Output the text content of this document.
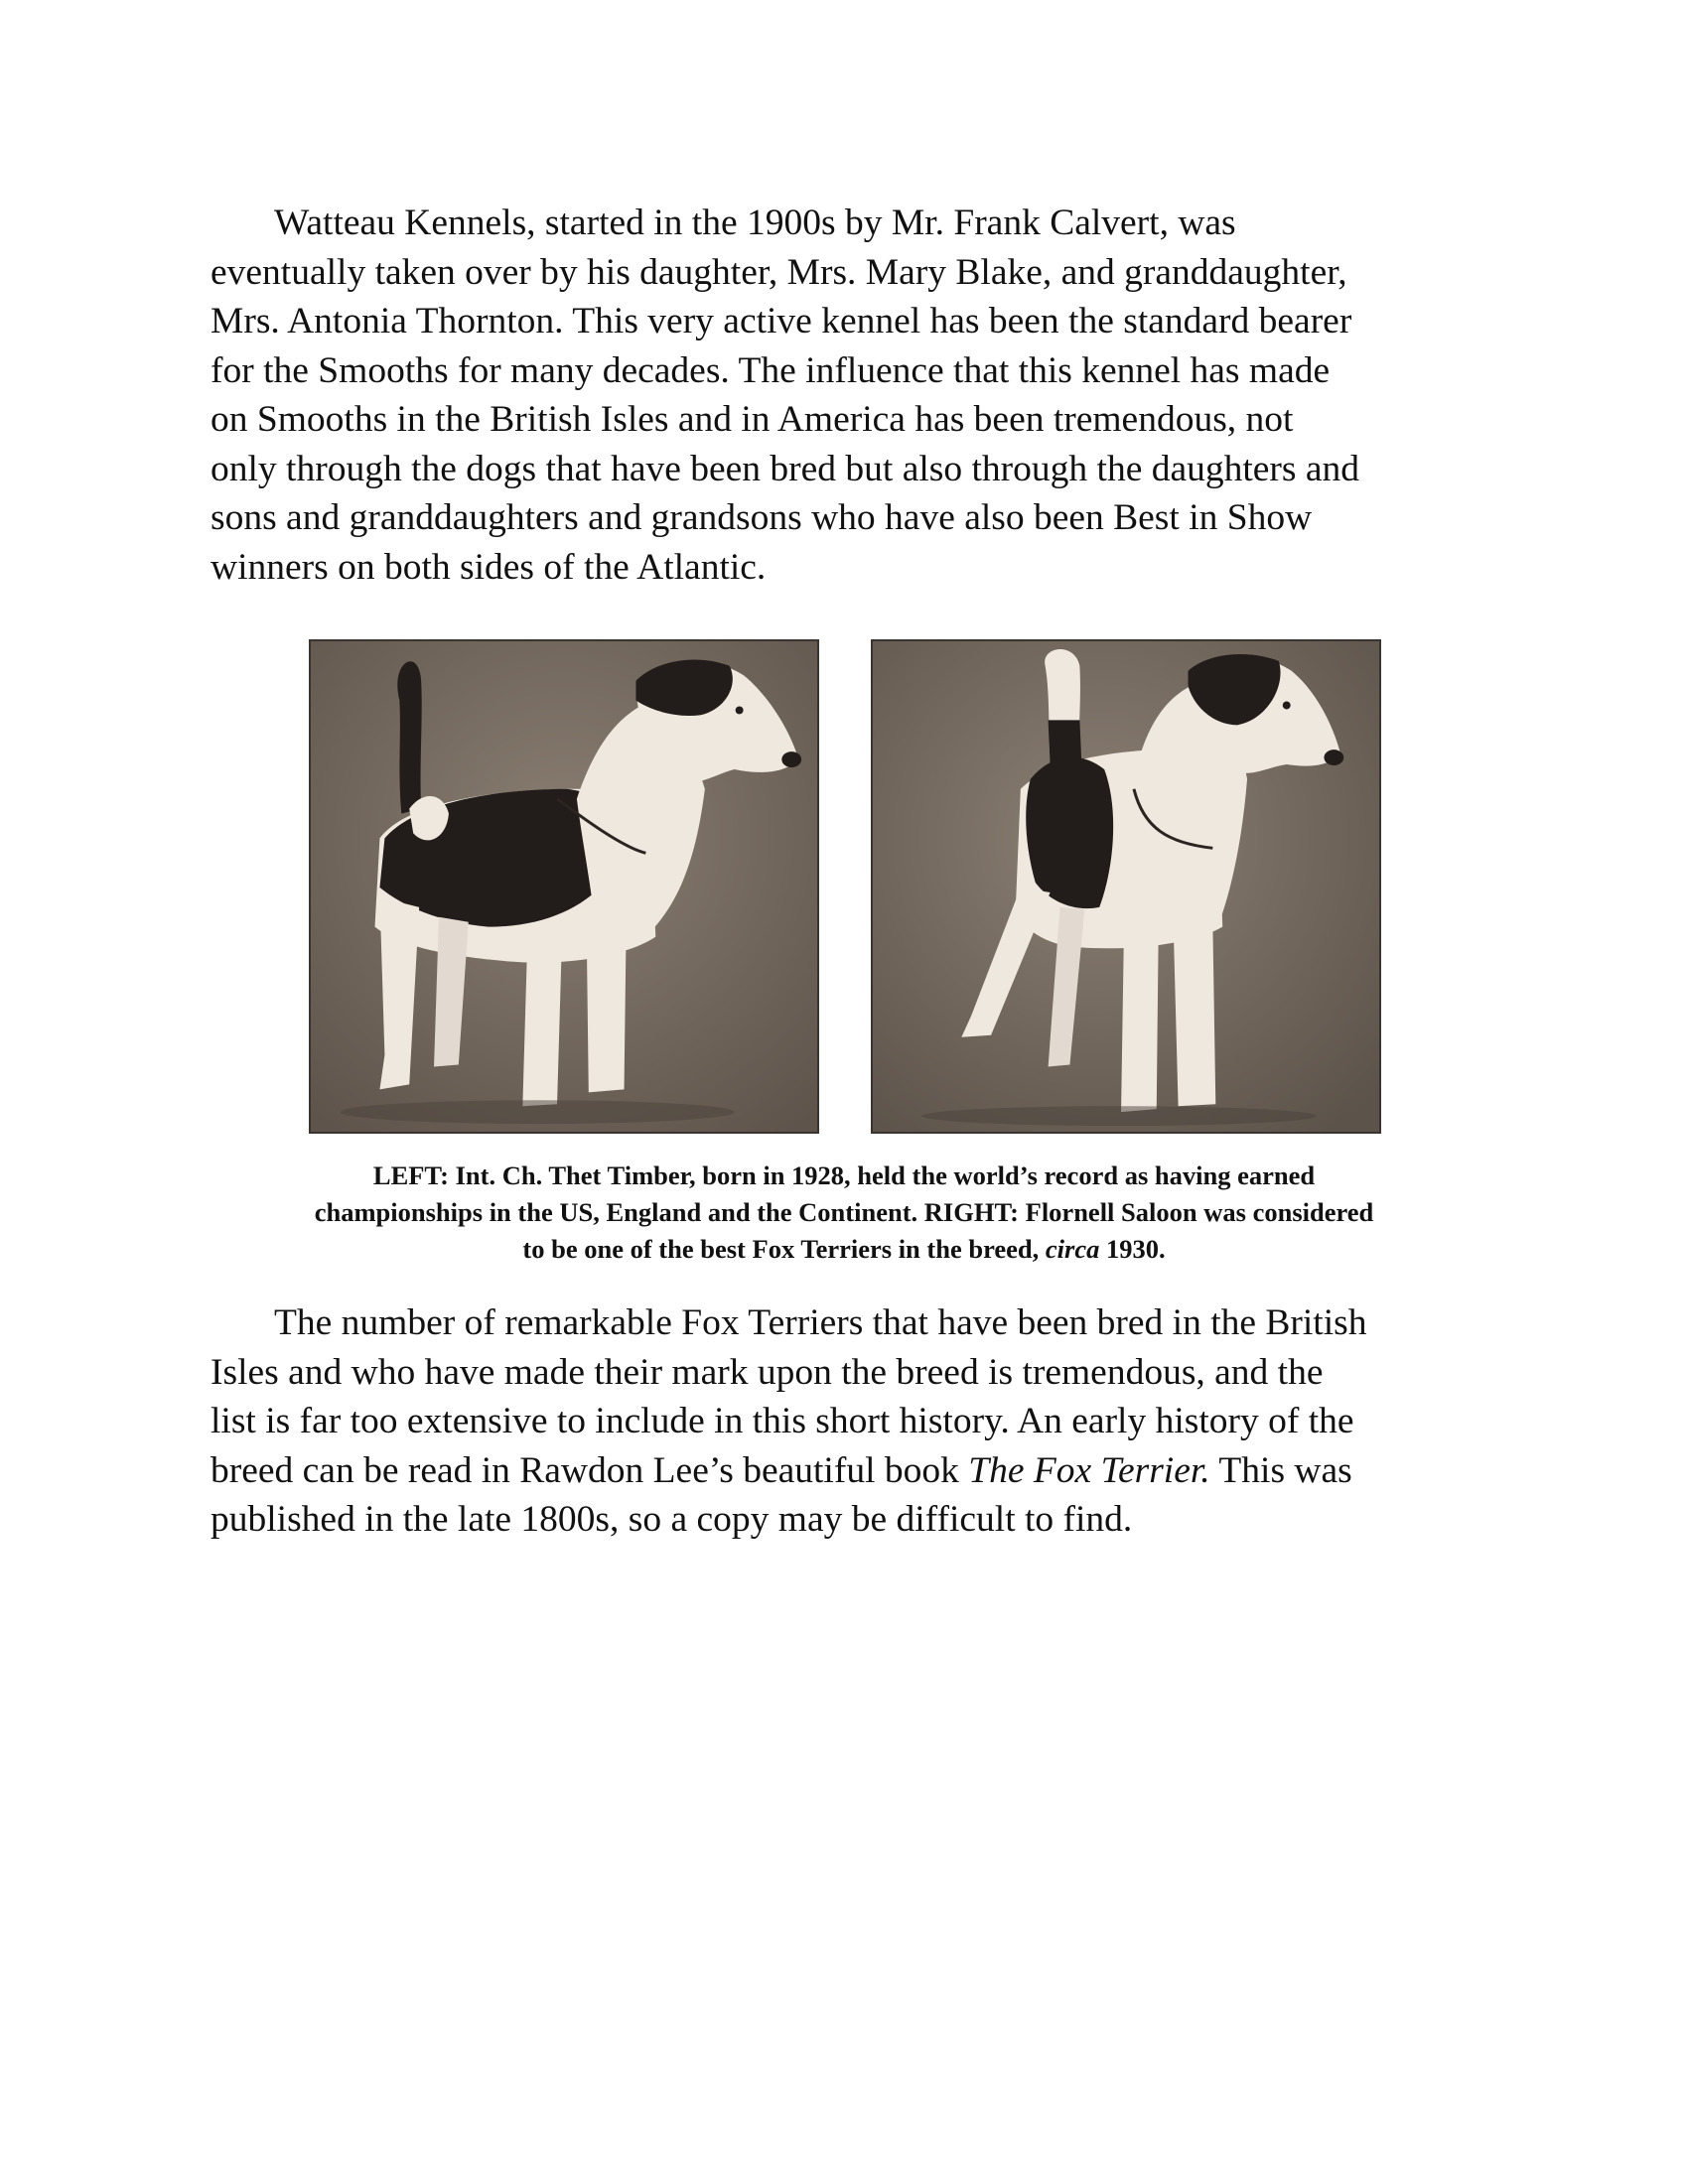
Watteau Kennels, started in the 1900s by Mr. Frank Calvert, was
eventually taken over by his daughter, Mrs. Mary Blake, and granddaughter,
Mrs. Antonia Thornton. This very active kennel has been the standard bearer
for the Smooths for many decades. The influence that this kennel has made
on Smooths in the British Isles and in America has been tremendous, not
only through the dogs that have been bred but also through the daughters and
sons and granddaughters and grandsons who have also been Best in Show
winners on both sides of the Atlantic.

LEFT: Int. Ch. Thet Timber, born in 1928, held the world’s record as having earned
championships in the US, England and the Continent. RIGHT: Flornell Saloon was considered
to be one of the best Fox Terriers in the breed, circa 1930.

The number of remarkable Fox Terriers that have been bred in the British
Isles and who have made their mark upon the breed is tremendous, and the
list is far too extensive to include in this short history. An early history of the
breed can be read in Rawdon Lee’s beautiful book The Fox Terrier. This was
published in the late 1800s, so a copy may be difficult to find.
